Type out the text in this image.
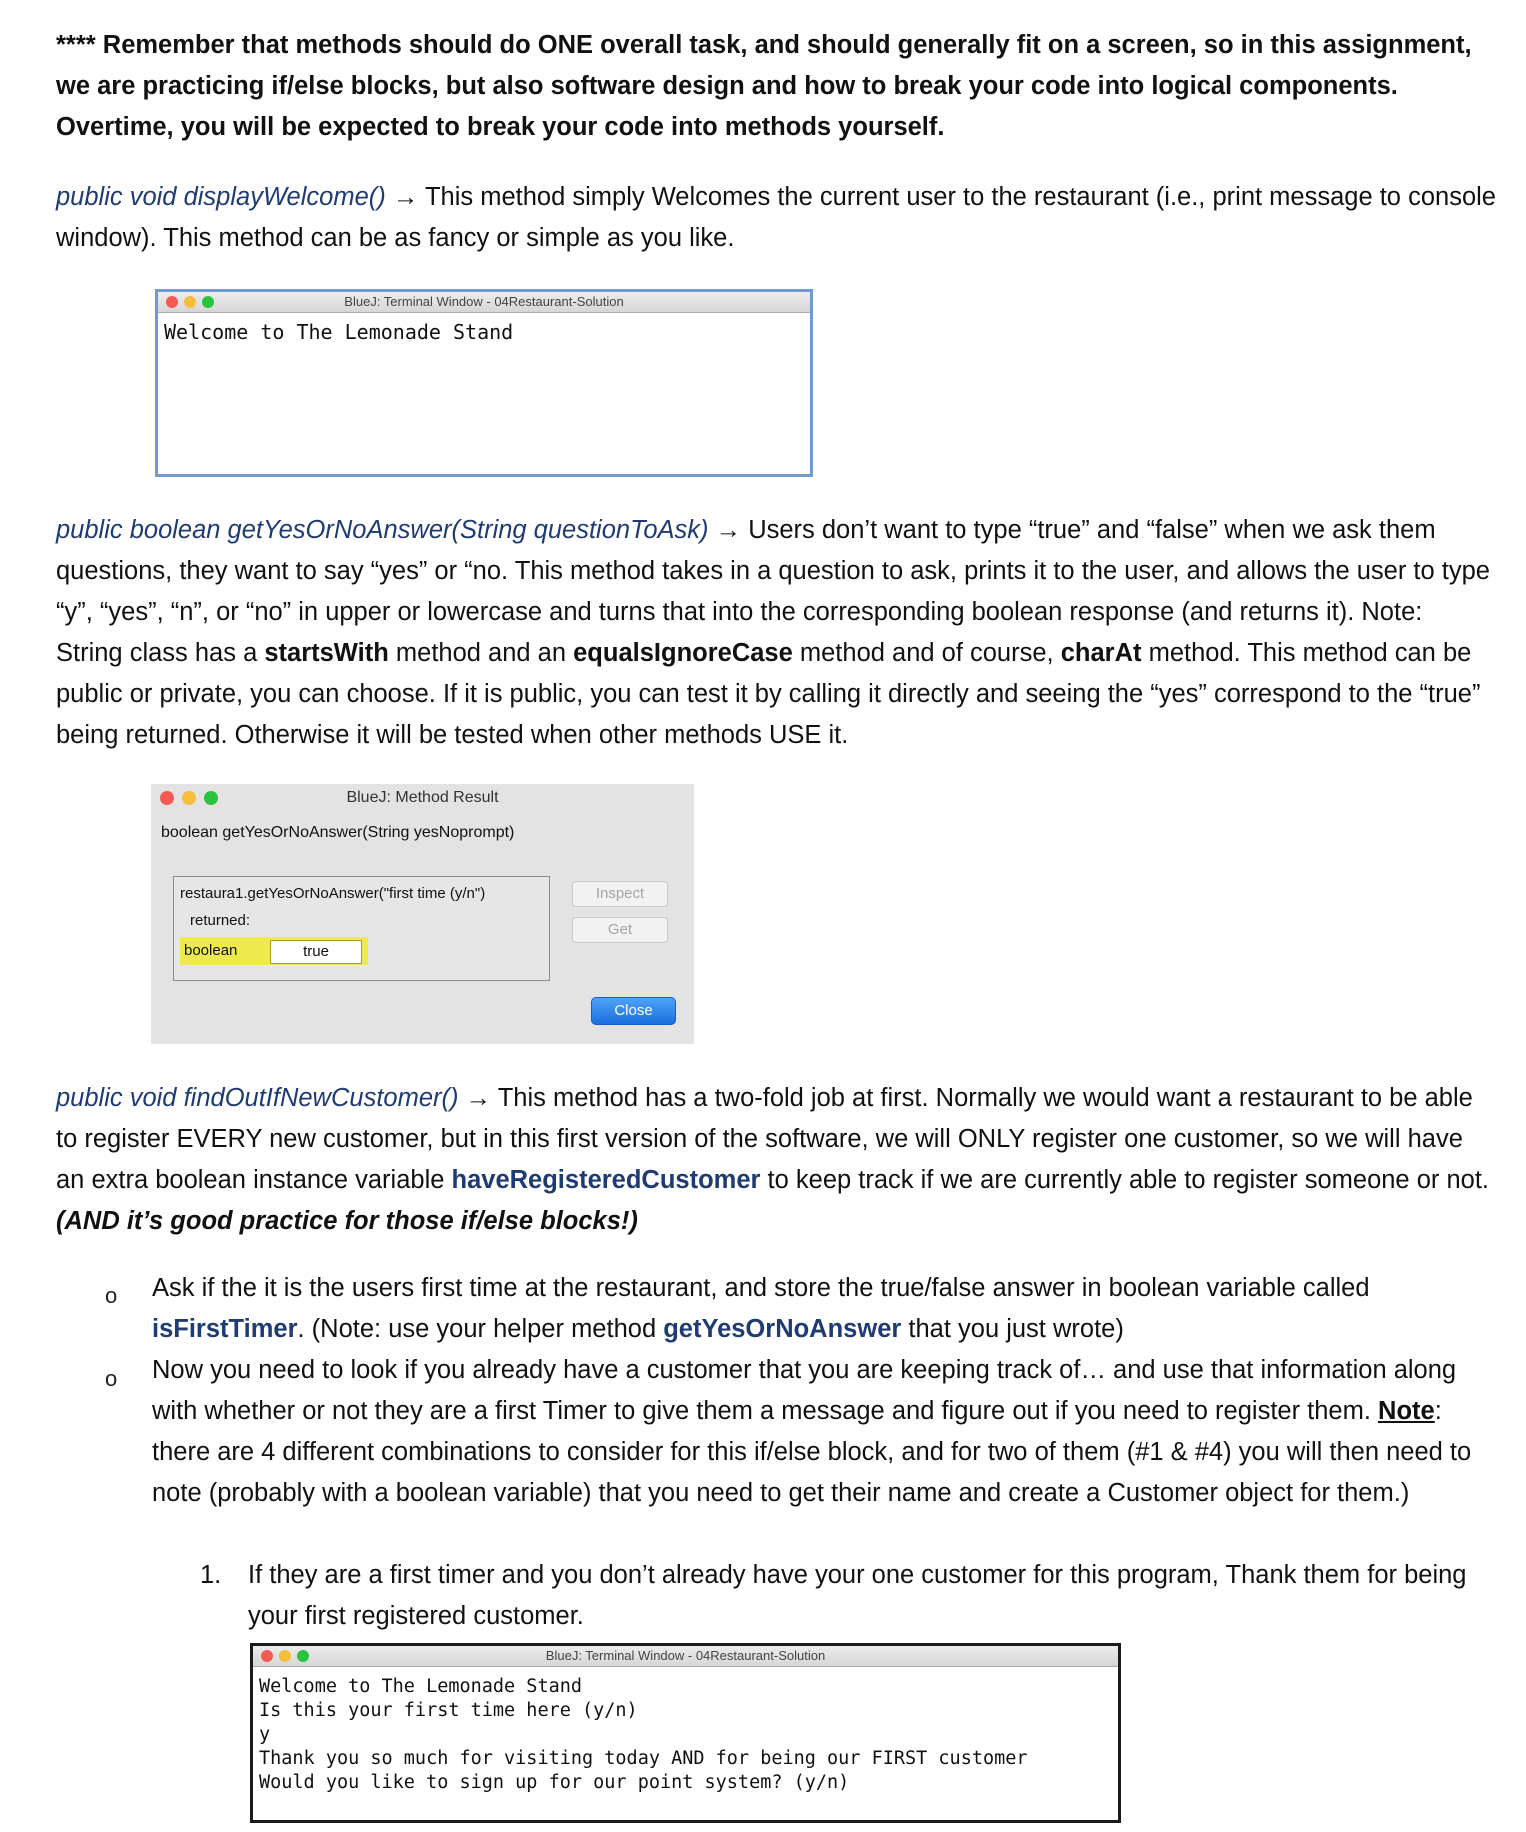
**** Remember that methods should do ONE overall task, and should generally fit on a screen, so in this assignment, we are practicing if/else blocks, but also software design and how to break your code into logical components. Overtime, you will be expected to break your code into methods yourself.

public void displayWelcome() → This method simply Welcomes the current user to the restaurant (i.e., print message to console window). This method can be as fancy or simple as you like.

BlueJ: Terminal Window - 04Restaurant-Solution
Welcome to The Lemonade Stand

public boolean getYesOrNoAnswer(String questionToAsk) → Users don’t want to type “true” and “false” when we ask them questions, they want to say “yes” or “no. This method takes in a question to ask, prints it to the user, and allows the user to type “y”, “yes”, “n”, or “no” in upper or lowercase and turns that into the corresponding boolean response (and returns it). Note: String class has a startsWith method and an equalsIgnoreCase method and of course, charAt method. This method can be public or private, you can choose. If it is public, you can test it by calling it directly and seeing the “yes” correspond to the “true” being returned. Otherwise it will be tested when other methods USE it.

BlueJ: Method Result
boolean getYesOrNoAnswer(String yesNoprompt)
restaura1.getYesOrNoAnswer("first time (y/n")
returned:
boolean	true
Inspect
Get
Close

public void findOutIfNewCustomer() → This method has a two-fold job at first. Normally we would want a restaurant to be able to register EVERY new customer, but in this first version of the software, we will ONLY register one customer, so we will have an extra boolean instance variable haveRegisteredCustomer to keep track if we are currently able to register someone or not. (AND it’s good practice for those if/else blocks!)

o Ask if the it is the users first time at the restaurant, and store the true/false answer in boolean variable called isFirstTimer. (Note: use your helper method getYesOrNoAnswer that you just wrote)

o Now you need to look if you already have a customer that you are keeping track of… and use that information along with whether or not they are a first Timer to give them a message and figure out if you need to register them. Note: there are 4 different combinations to consider for this if/else block, and for two of them (#1 & #4) you will then need to note (probably with a boolean variable) that you need to get their name and create a Customer object for them.)

1. If they are a first timer and you don’t already have your one customer for this program, Thank them for being your first registered customer.

BlueJ: Terminal Window - 04Restaurant-Solution
Welcome to The Lemonade Stand
Is this your first time here (y/n)
y
Thank you so much for visiting today AND for being our FIRST customer
Would you like to sign up for our point system? (y/n)
